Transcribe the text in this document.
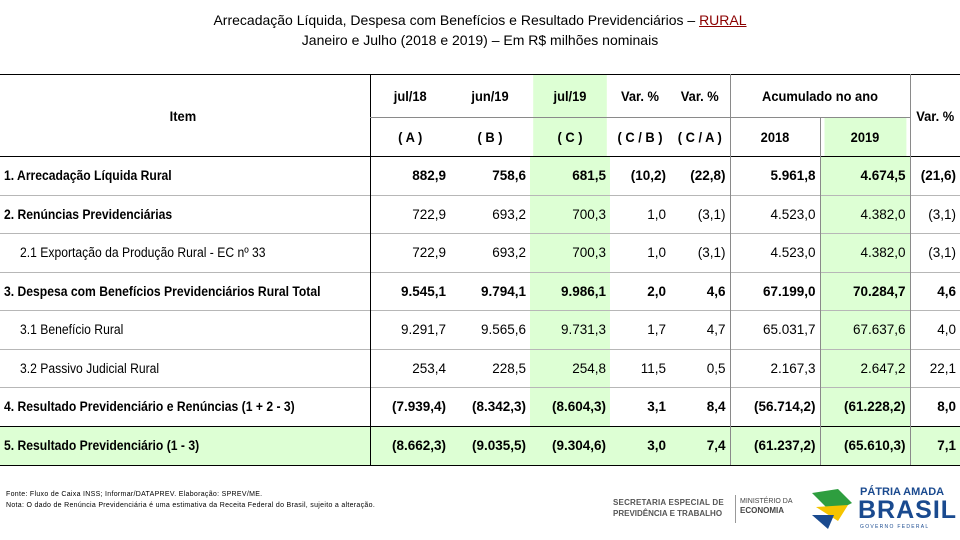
Arrecadação Líquida, Despesa com Benefícios e Resultado Previdenciários – RURAL
Janeiro e Julho (2018 e 2019) – Em R$ milhões nominais
Item	jul/18	jun/19	jul/19	Var. %	Var. %	Acumulado no ano		Var. %
	( A )	( B )	( C )	( C / B )	( C / A )	2018	2019	
1. Arrecadação Líquida Rural	882,9	758,6	681,5	(10,2)	(22,8)	5.961,8	4.674,5	(21,6)
2. Renúncias Previdenciárias	722,9	693,2	700,3	1,0	(3,1)	4.523,0	4.382,0	(3,1)
2.1 Exportação da Produção Rural - EC nº 33	722,9	693,2	700,3	1,0	(3,1)	4.523,0	4.382,0	(3,1)
3. Despesa com Benefícios Previdenciários Rural Total	9.545,1	9.794,1	9.986,1	2,0	4,6	67.199,0	70.284,7	4,6
3.1 Benefício Rural	9.291,7	9.565,6	9.731,3	1,7	4,7	65.031,7	67.637,6	4,0
3.2 Passivo Judicial Rural	253,4	228,5	254,8	11,5	0,5	2.167,3	2.647,2	22,1
4. Resultado Previdenciário e Renúncias (1 + 2 - 3)	(7.939,4)	(8.342,3)	(8.604,3)	3,1	8,4	(56.714,2)	(61.228,2)	8,0
5. Resultado Previdenciário (1 - 3)	(8.662,3)	(9.035,5)	(9.304,6)	3,0	7,4	(61.237,2)	(65.610,3)	7,1
Fonte: Fluxo de Caixa INSS; Informar/DATAPREV. Elaboração: SPREV/ME.
Nota: O dado de Renúncia Previdenciária é uma estimativa da Receita Federal do Brasil, sujeito a alteração.	SECRETARIA ESPECIAL DE
PREVIDÊNCIA E TRABALHO
MINISTÉRIO DA
ECONOMIA
PÁTRIA AMADA
BRASIL
GOVERNO FEDERAL
